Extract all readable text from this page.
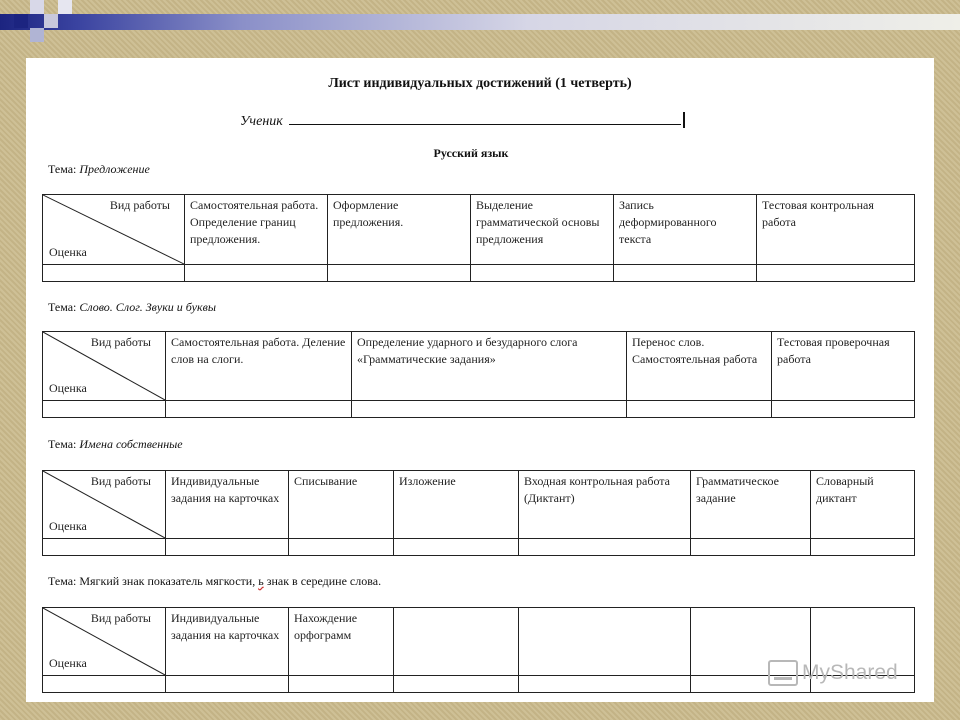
Лист индивидуальных достижений (1 четверть)
Ученик
Русский язык
Тема: Предложение
Вид работы
Оценка	Самостоятельная работа. Определение границ предложения.	Оформление предложения.	Выделение грамматической основы предложения	Запись деформированного текста	Тестовая контрольная работа

Тема: Слово. Слог. Звуки и буквы
Вид работы
Оценка	Самостоятельная работа. Деление слов на слоги.	Определение ударного и безударного слога «Грамматические задания»	Перенос слов. Самостоятельная работа	Тестовая проверочная работа

Тема: Имена собственные
Вид работы
Оценка	Индивидуальные задания на карточках	Списывание	Изложение	Входная контрольная работа (Диктант)	Грамматическое задание	Словарный диктант

Тема: Мягкий знак показатель мягкости, ь знак в середине слова.
Вид работы
Оценка	Индивидуальные задания на карточках	Нахождение орфограмм				

MyShared
